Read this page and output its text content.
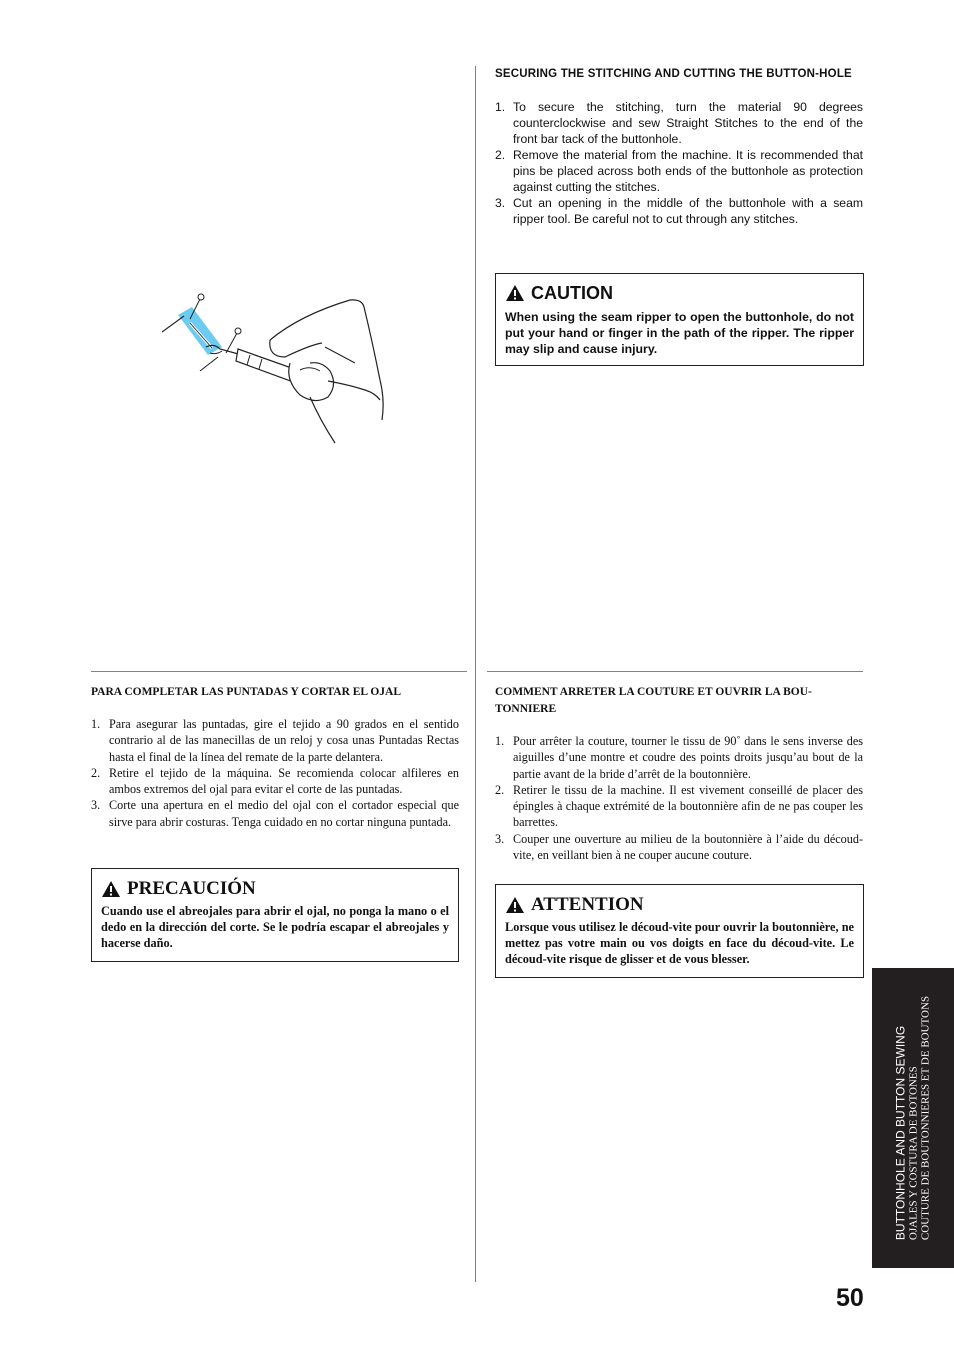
SECURING THE STITCHING AND CUTTING THE BUTTON-HOLE
1. To secure the stitching, turn the material 90 degrees counterclockwise and sew Straight Stitches to the end of the front bar tack of the buttonhole.
2. Remove the material from the machine. It is recommended that pins be placed across both ends of the buttonhole as protection against cutting the stitches.
3. Cut an opening in the middle of the buttonhole with a seam ripper tool. Be careful not to cut through any stitches.
CAUTION
When using the seam ripper to open the buttonhole, do not put your hand or finger in the path of the ripper. The ripper may slip and cause injury.
PARA COMPLETAR LAS PUNTADAS Y CORTAR EL OJAL
1. Para asegurar las puntadas, gire el tejido a 90 grados en el sentido contrario al de las manecillas de un reloj y cosa unas Puntadas Rectas hasta el final de la línea del remate de la parte delantera.
2. Retire el tejido de la máquina. Se recomienda colocar alfileres en ambos extremos del ojal para evitar el corte de las puntadas.
3. Corte una apertura en el medio del ojal con el cortador especial que sirve para abrir costuras. Tenga cuidado en no cortar ninguna puntada.
PRECAUCIÓN
Cuando use el abreojales para abrir el ojal, no ponga la mano o el dedo en la dirección del corte. Se le podría escapar el abreojales y hacerse daño.
COMMENT ARRETER LA COUTURE ET OUVRIR LA BOU-TONNIERE
1. Pour arrêter la couture, tourner le tissu de 90˚ dans le sens inverse des aiguilles d’une montre et coudre des points droits jusqu’au bout de la partie avant de la bride d’arrêt de la boutonnière.
2. Retirer le tissu de la machine. Il est vivement conseillé de placer des épingles à chaque extrémité de la boutonnière afin de ne pas couper les barrettes.
3. Couper une ouverture au milieu de la boutonnière à l’aide du découd-vite, en veillant bien à ne couper aucune couture.
ATTENTION
Lorsque vous utilisez le découd-vite pour ouvrir la boutonnière, ne mettez pas votre main ou vos doigts en face du découd-vite. Le découd-vite risque de glisser et de vous blesser.
BUTTONHOLE AND BUTTON SEWING OJALES Y COSTURA DE BOTONES COUTURE DE BOUTONNIERES ET DE BOUTONS
50
